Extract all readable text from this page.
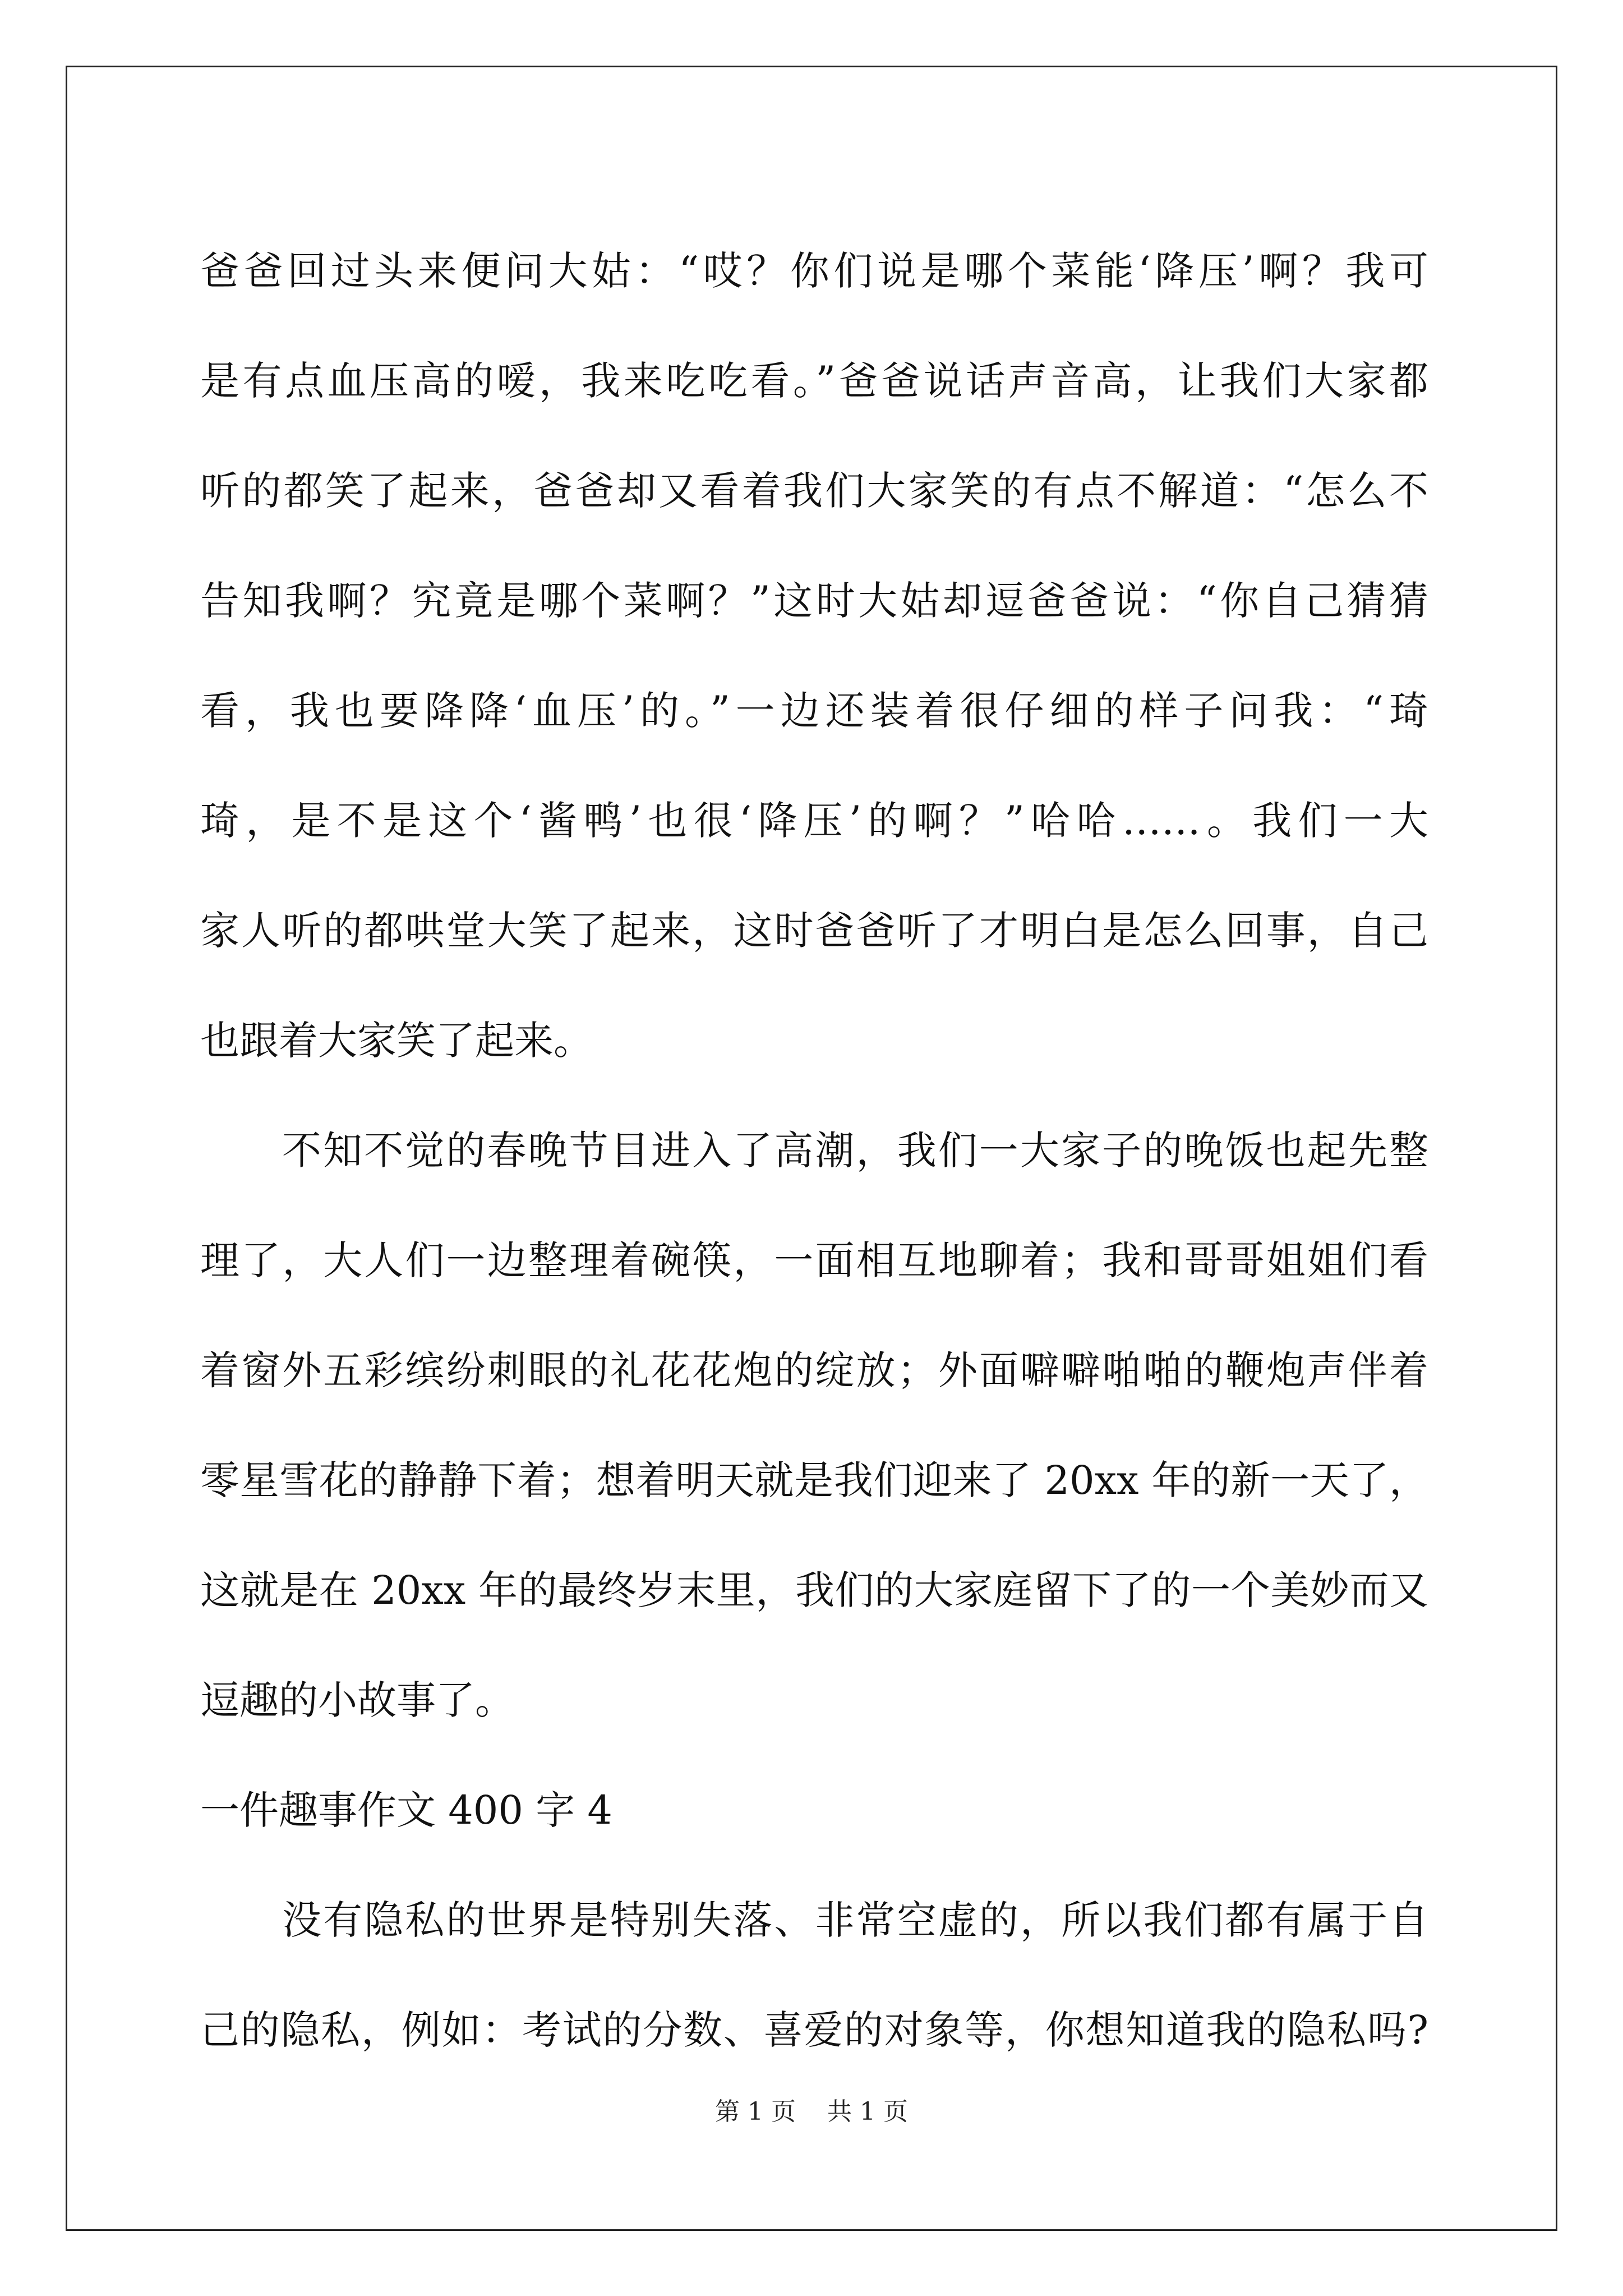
爸爸回过头来便问大姑：“哎？你们说是哪个菜能‘降压’啊？我可
是有点血压高的嗳，我来吃吃看。”爸爸说话声音高，让我们大家都
听的都笑了起来，爸爸却又看着我们大家笑的有点不解道：“怎么不
告知我啊？究竟是哪个菜啊？”这时大姑却逗爸爸说：“你自己猜猜
看，我也要降降‘血压’的。”一边还装着很仔细的样子问我：“琦
琦，是不是这个‘酱鸭’也很‘降压’的啊？”哈哈……。我们一大
家人听的都哄堂大笑了起来，这时爸爸听了才明白是怎么回事，自己
也跟着大家笑了起来。
不知不觉的春晚节目进入了高潮，我们一大家子的晚饭也起先整
理了，大人们一边整理着碗筷，一面相互地聊着；我和哥哥姐姐们看
着窗外五彩缤纷刺眼的礼花花炮的绽放；外面噼噼啪啪的鞭炮声伴着
零星雪花的静静下着；想着明天就是我们迎来了 20xx 年的新一天了，
这就是在 20xx 年的最终岁末里，我们的大家庭留下了的一个美妙而又
逗趣的小故事了。
一件趣事作文 400 字 4
没有隐私的世界是特别失落、非常空虚的，所以我们都有属于自
己的隐私，例如：考试的分数、喜爱的对象等，你想知道我的隐私吗?
第 1 页 共 1 页
